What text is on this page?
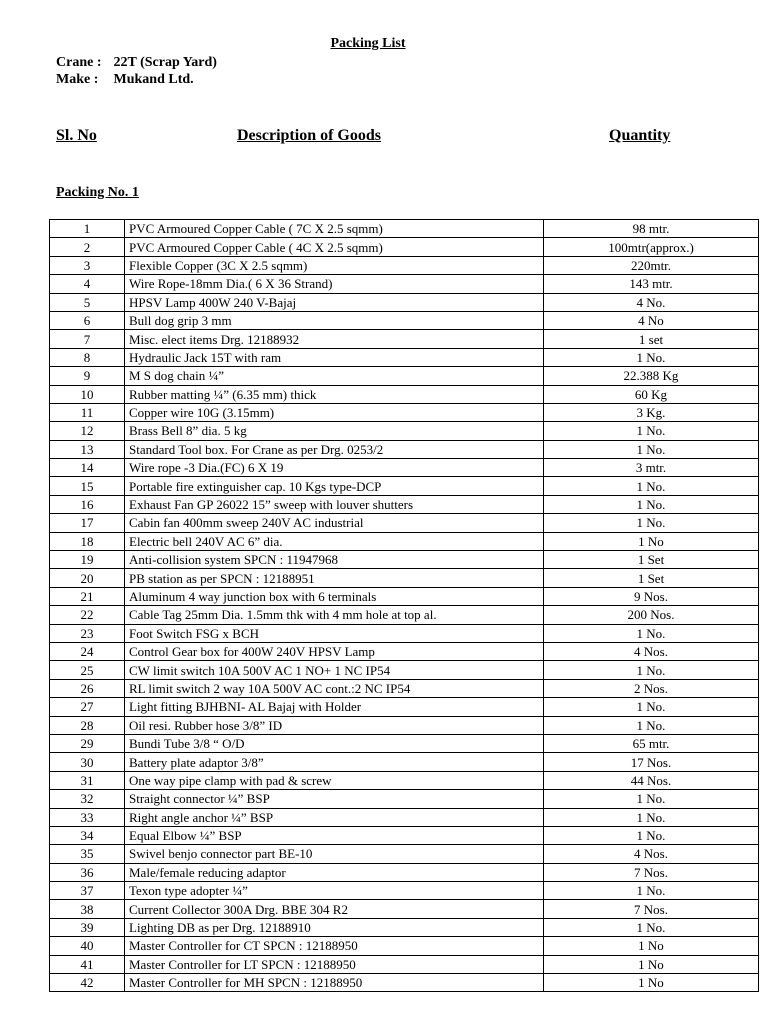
Packing List
Crane : 22T (Scrap Yard)
Make : Mukand Ltd.
Sl. No	Description of Goods	Quantity
Packing No. 1
1	PVC Armoured Copper Cable ( 7C X 2.5 sqmm)	98 mtr.
2	PVC Armoured Copper Cable ( 4C X 2.5 sqmm)	100mtr(approx.)
3	Flexible Copper (3C X 2.5 sqmm)	220mtr.
4	Wire Rope-18mm Dia.( 6 X 36 Strand)	143 mtr.
5	HPSV Lamp 400W 240 V-Bajaj	4 No.
6	Bull dog grip 3 mm	4 No
7	Misc. elect items Drg. 12188932	1 set
8	Hydraulic Jack 15T with ram	1 No.
9	M S dog chain ¼”	22.388 Kg
10	Rubber matting ¼” (6.35 mm) thick	60 Kg
11	Copper wire 10G (3.15mm)	3 Kg.
12	Brass Bell 8” dia. 5 kg	1 No.
13	Standard Tool box. For Crane as per Drg. 0253/2	1 No.
14	Wire rope -3 Dia.(FC) 6 X 19	3 mtr.
15	Portable fire extinguisher cap. 10 Kgs type-DCP	1 No.
16	Exhaust Fan GP 26022 15” sweep with louver shutters	1 No.
17	Cabin fan 400mm sweep 240V AC industrial	1 No.
18	Electric bell 240V AC 6” dia.	1 No
19	Anti-collision system SPCN : 11947968	1 Set
20	PB station as per SPCN : 12188951	1 Set
21	Aluminum 4 way junction box with 6 terminals	9 Nos.
22	Cable Tag 25mm Dia. 1.5mm thk with 4 mm hole at top al.	200 Nos.
23	Foot Switch FSG x BCH	1 No.
24	Control Gear box for 400W 240V HPSV Lamp	4 Nos.
25	CW limit switch 10A 500V AC 1 NO+ 1 NC IP54	1 No.
26	RL limit switch 2 way 10A 500V AC cont.:2 NC IP54	2 Nos.
27	Light fitting BJHBNI- AL Bajaj with Holder	1 No.
28	Oil resi. Rubber hose 3/8” ID	1 No.
29	Bundi Tube 3/8 “ O/D	65 mtr.
30	Battery plate adaptor 3/8”	17 Nos.
31	One way pipe clamp with pad & screw	44 Nos.
32	Straight connector ¼” BSP	1 No.
33	Right angle anchor ¼” BSP	1 No.
34	Equal Elbow ¼” BSP	1 No.
35	Swivel benjo connector part BE-10	4 Nos.
36	Male/female reducing adaptor	7 Nos.
37	Texon type adopter ¼”	1 No.
38	Current Collector 300A Drg. BBE 304 R2	7 Nos.
39	Lighting DB as per Drg. 12188910	1 No.
40	Master Controller for CT SPCN : 12188950	1 No
41	Master Controller for LT SPCN : 12188950	1 No
42	Master Controller for MH SPCN : 12188950	1 No
